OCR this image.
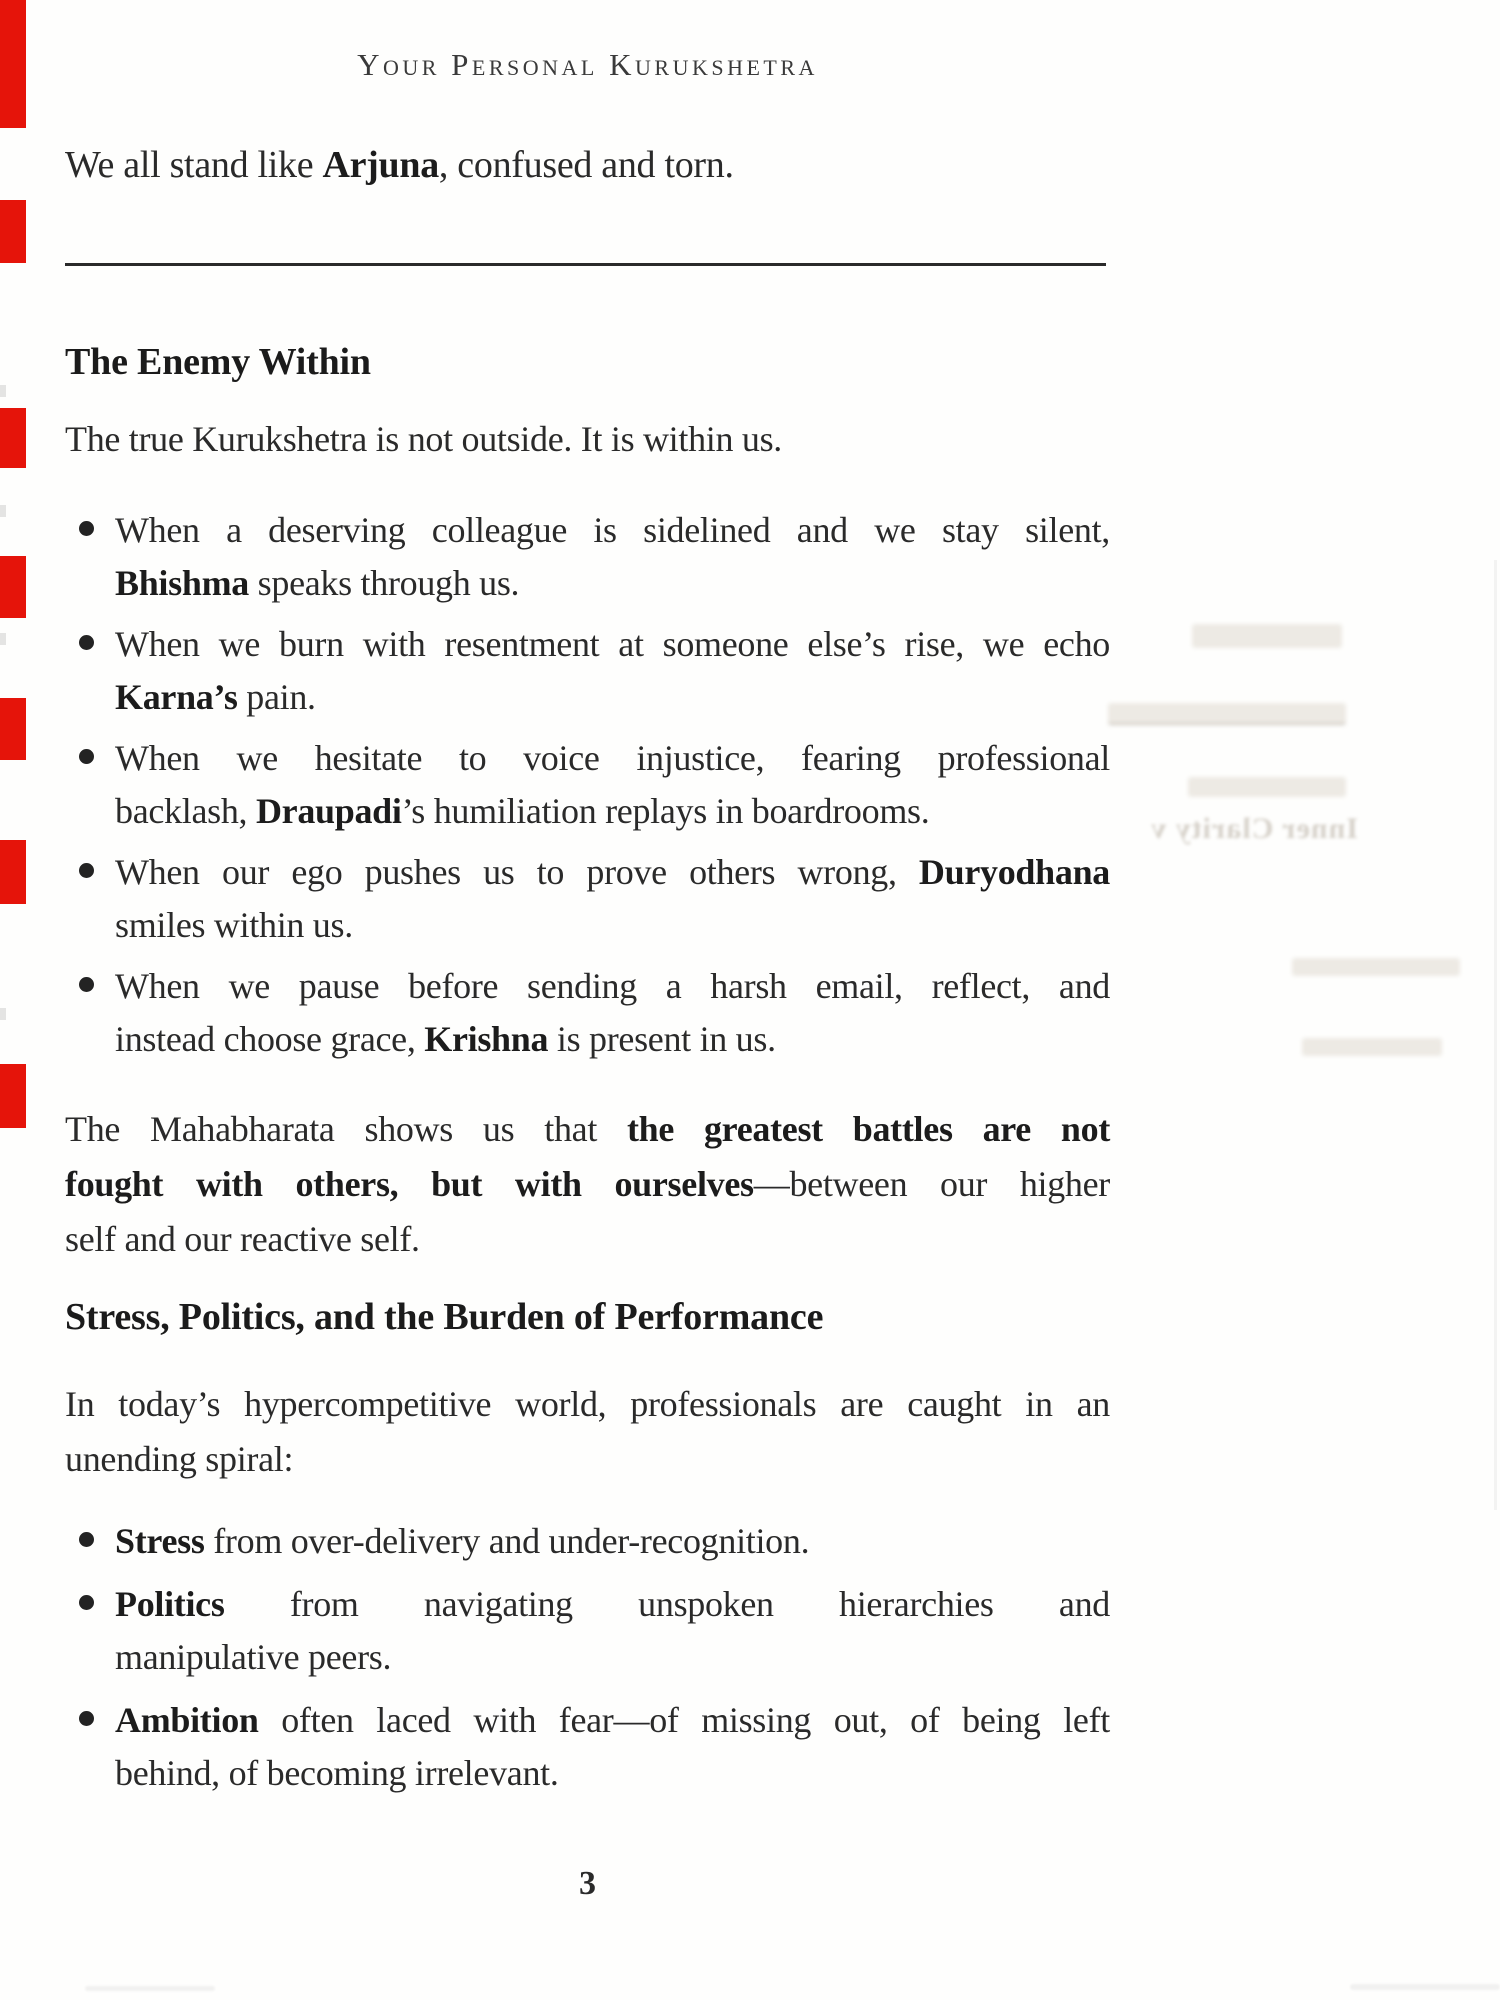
Inner Clarity v
Your Personal Kurukshetra
We all stand like Arjuna, confused and torn.
The Enemy Within
The true Kurukshetra is not outside. It is within us.
When a deserving colleague is sidelined and we stay silent,
Bhishma speaks through us.
When we burn with resentment at someone else’s rise, we echo
Karna’s pain.
When we hesitate to voice injustice, fearing professional
backlash, Draupadi’s humiliation replays in boardrooms.
When our ego pushes us to prove others wrong, Duryodhana
smiles within us.
When we pause before sending a harsh email, reflect, and
instead choose grace, Krishna is present in us.
The Mahabharata shows us that the greatest battles are not
fought with others, but with ourselves—between our higher
self and our reactive self.
Stress, Politics, and the Burden of Performance
In today’s hypercompetitive world, professionals are caught in an
unending spiral:
Stress from over-delivery and under-recognition.
Politics from navigating unspoken hierarchies and
manipulative peers.
Ambition often laced with fear—of missing out, of being left
behind, of becoming irrelevant.
3
